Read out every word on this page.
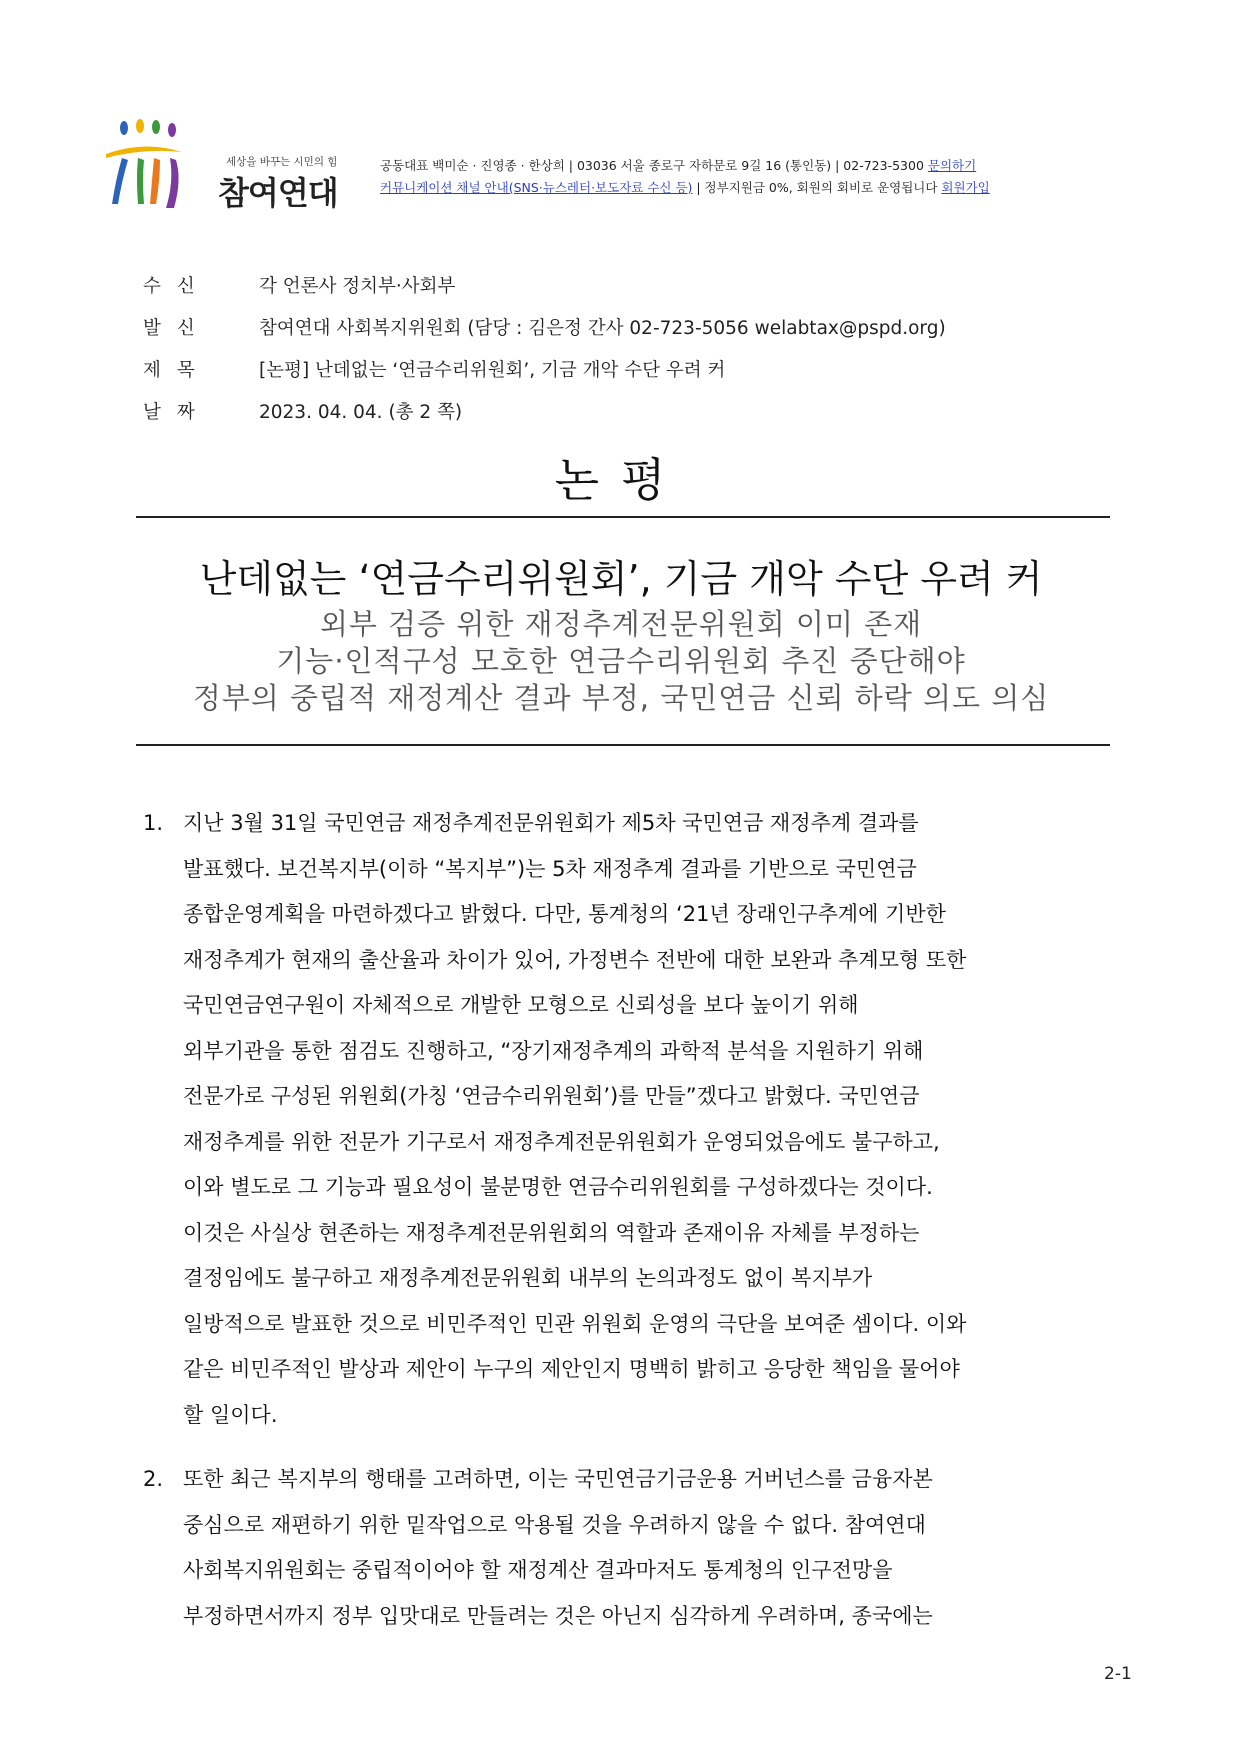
세상을 바꾸는 시민의 힘
참여연대
공동대표 백미순 · 진영종 · 한상희 | 03036 서울 종로구 자하문로 9길 16 (통인동) | 02-723-5300 문의하기
커뮤니케이션 채널 안내(SNS·뉴스레터·보도자료 수신 등) | 정부지원금 0%, 회원의 회비로 운영됩니다 회원가입
수신	각 언론사 정치부·사회부
발신	참여연대 사회복지위원회 (담당 : 김은정 간사 02-723-5056 welabtax@pspd.org)
제목	[논평] 난데없는 ‘연금수리위원회’, 기금 개악 수단 우려 커
날짜	2023. 04. 04. (총 2 쪽)
논평
난데없는 ‘연금수리위원회’, 기금 개악 수단 우려 커
외부 검증 위한 재정추계전문위원회 이미 존재
기능·인적구성 모호한 연금수리위원회 추진 중단해야
정부의 중립적 재정계산 결과 부정, 국민연금 신뢰 하락 의도 의심
1. 지난 3월 31일 국민연금 재정추계전문위원회가 제5차 국민연금 재정추계 결과를
발표했다. 보건복지부(이하 “복지부”)는 5차 재정추계 결과를 기반으로 국민연금
종합운영계획을 마련하겠다고 밝혔다. 다만, 통계청의 ‘21년 장래인구추계에 기반한
재정추계가 현재의 출산율과 차이가 있어, 가정변수 전반에 대한 보완과 추계모형 또한
국민연금연구원이 자체적으로 개발한 모형으로 신뢰성을 보다 높이기 위해
외부기관을 통한 점검도 진행하고, “장기재정추계의 과학적 분석을 지원하기 위해
전문가로 구성된 위원회(가칭 ‘연금수리위원회’)를 만들”겠다고 밝혔다. 국민연금
재정추계를 위한 전문가 기구로서 재정추계전문위원회가 운영되었음에도 불구하고,
이와 별도로 그 기능과 필요성이 불분명한 연금수리위원회를 구성하겠다는 것이다.
이것은 사실상 현존하는 재정추계전문위원회의 역할과 존재이유 자체를 부정하는
결정임에도 불구하고 재정추계전문위원회 내부의 논의과정도 없이 복지부가
일방적으로 발표한 것으로 비민주적인 민관 위원회 운영의 극단을 보여준 셈이다. 이와
같은 비민주적인 발상과 제안이 누구의 제안인지 명백히 밝히고 응당한 책임을 물어야
할 일이다.
2. 또한 최근 복지부의 행태를 고려하면, 이는 국민연금기금운용 거버넌스를 금융자본
중심으로 재편하기 위한 밑작업으로 악용될 것을 우려하지 않을 수 없다. 참여연대
사회복지위원회는 중립적이어야 할 재정계산 결과마저도 통계청의 인구전망을
부정하면서까지 정부 입맛대로 만들려는 것은 아닌지 심각하게 우려하며, 종국에는
2-1
